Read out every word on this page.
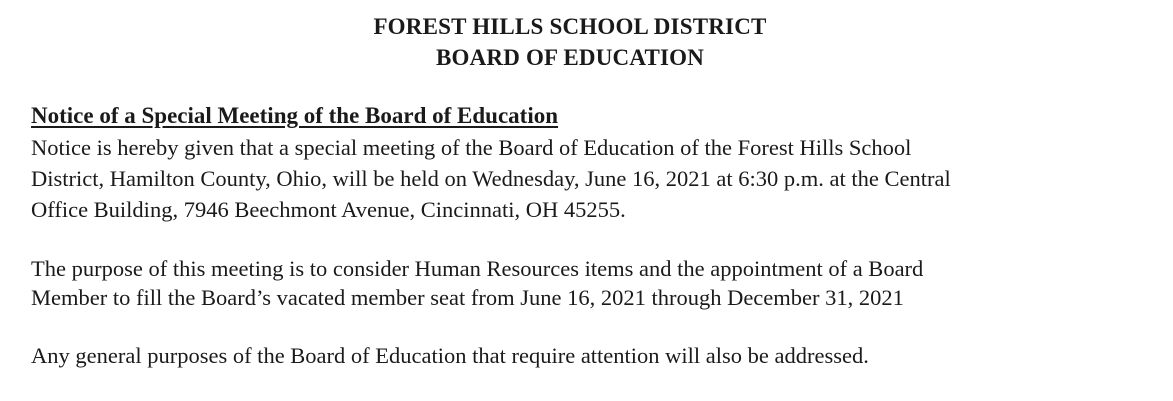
FOREST HILLS SCHOOL DISTRICT
BOARD OF EDUCATION
Notice of a Special Meeting of the Board of Education
Notice is hereby given that a special meeting of the Board of Education of the Forest Hills School
District, Hamilton County, Ohio, will be held on Wednesday, June 16, 2021 at 6:30 p.m. at the Central
Office Building, 7946 Beechmont Avenue, Cincinnati, OH 45255.
The purpose of this meeting is to consider Human Resources items and the appointment of a Board
Member to fill the Board’s vacated member seat from June 16, 2021 through December 31, 2021
Any general purposes of the Board of Education that require attention will also be addressed.
